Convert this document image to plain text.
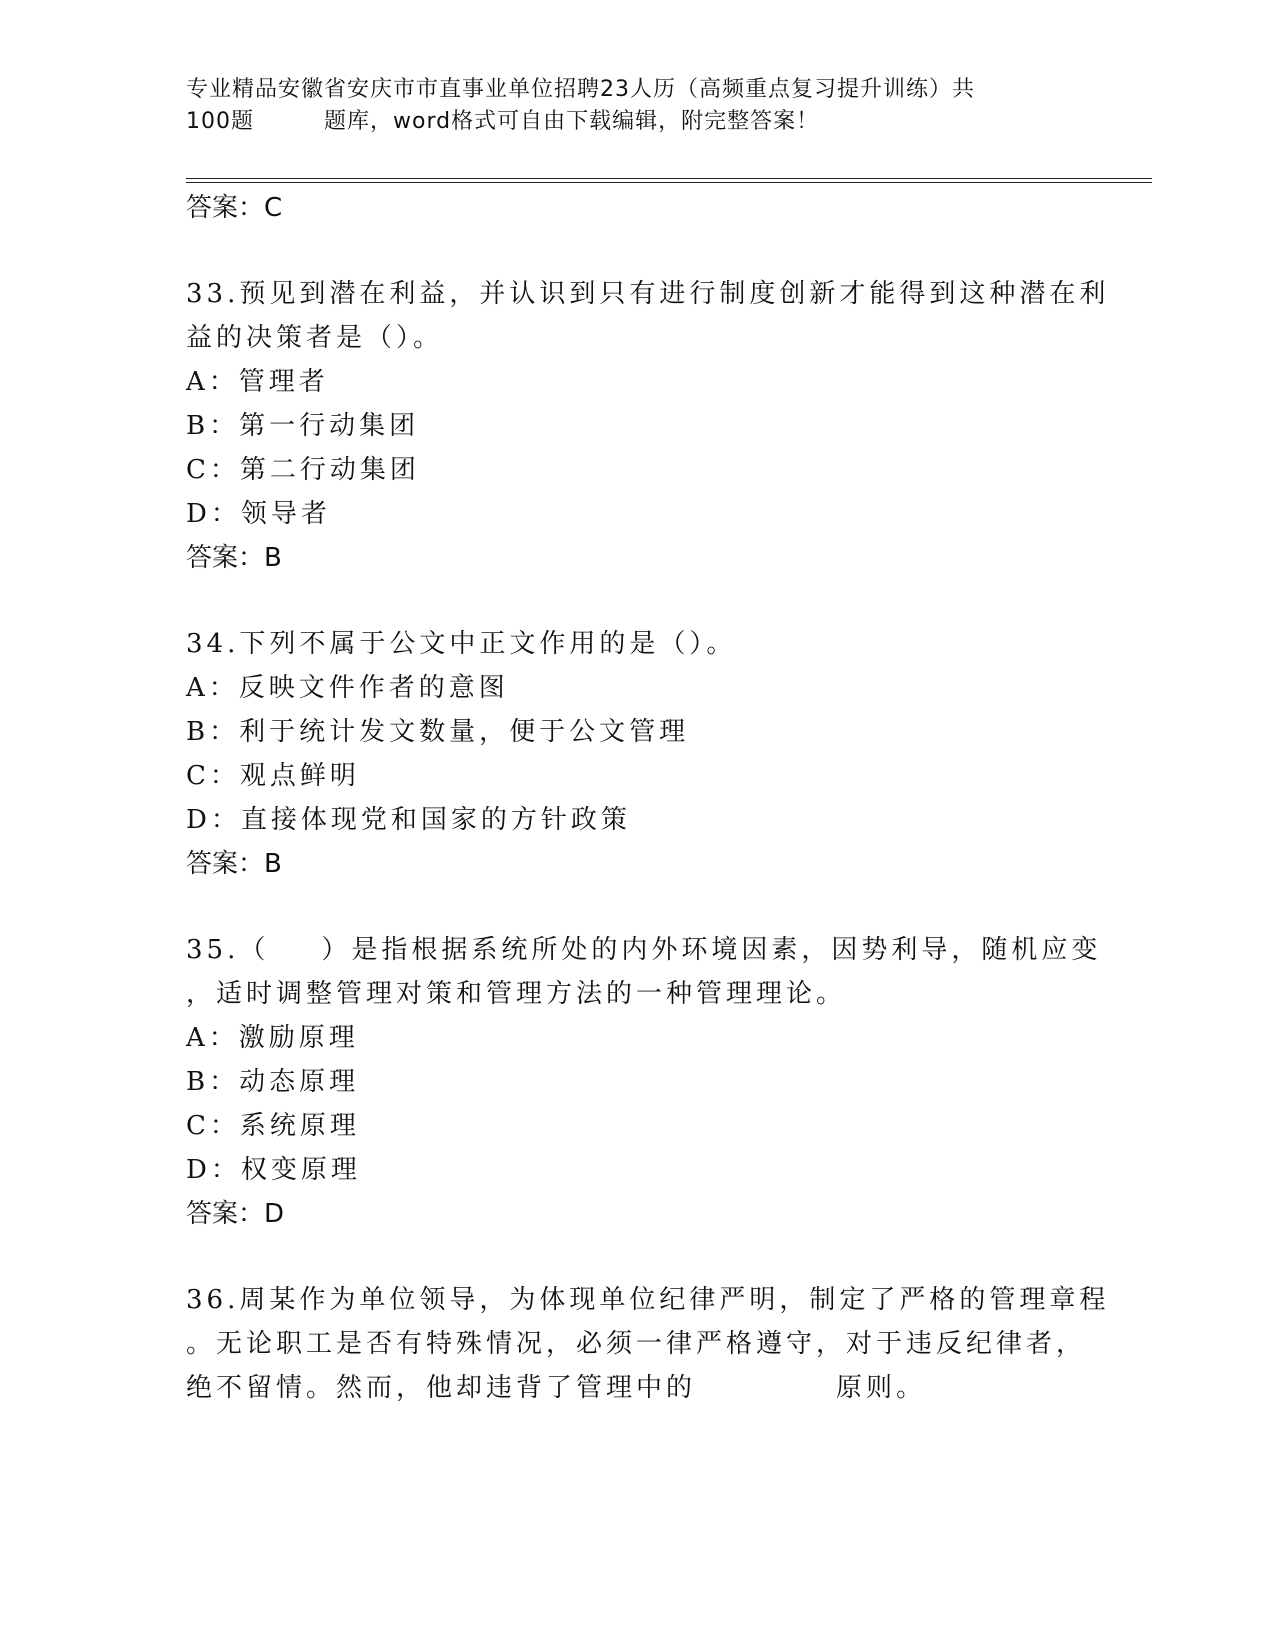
专业精品安徽省安庆市市直事业单位招聘23人历（高频重点复习提升训练）共
100题	题库，word格式可自由下载编辑，附完整答案！
答案：C
33.预见到潜在利益，并认识到只有进行制度创新才能得到这种潜在利
益的决策者是（）。
A：管理者
B：第一行动集团
C：第二行动集团
D：领导者
答案：B
34.下列不属于公文中正文作用的是（）。
A：反映文件作者的意图
B：利于统计发文数量，便于公文管理
C：观点鲜明
D：直接体现党和国家的方针政策
答案：B
35.（ ）是指根据系统所处的内外环境因素，因势利导，随机应变
，适时调整管理对策和管理方法的一种管理理论。
A：激励原理
B：动态原理
C：系统原理
D：权变原理
答案：D
36.周某作为单位领导，为体现单位纪律严明，制定了严格的管理章程
。无论职工是否有特殊情况，必须一律严格遵守，对于违反纪律者，
绝不留情。然而，他却违背了管理中的	原则。
